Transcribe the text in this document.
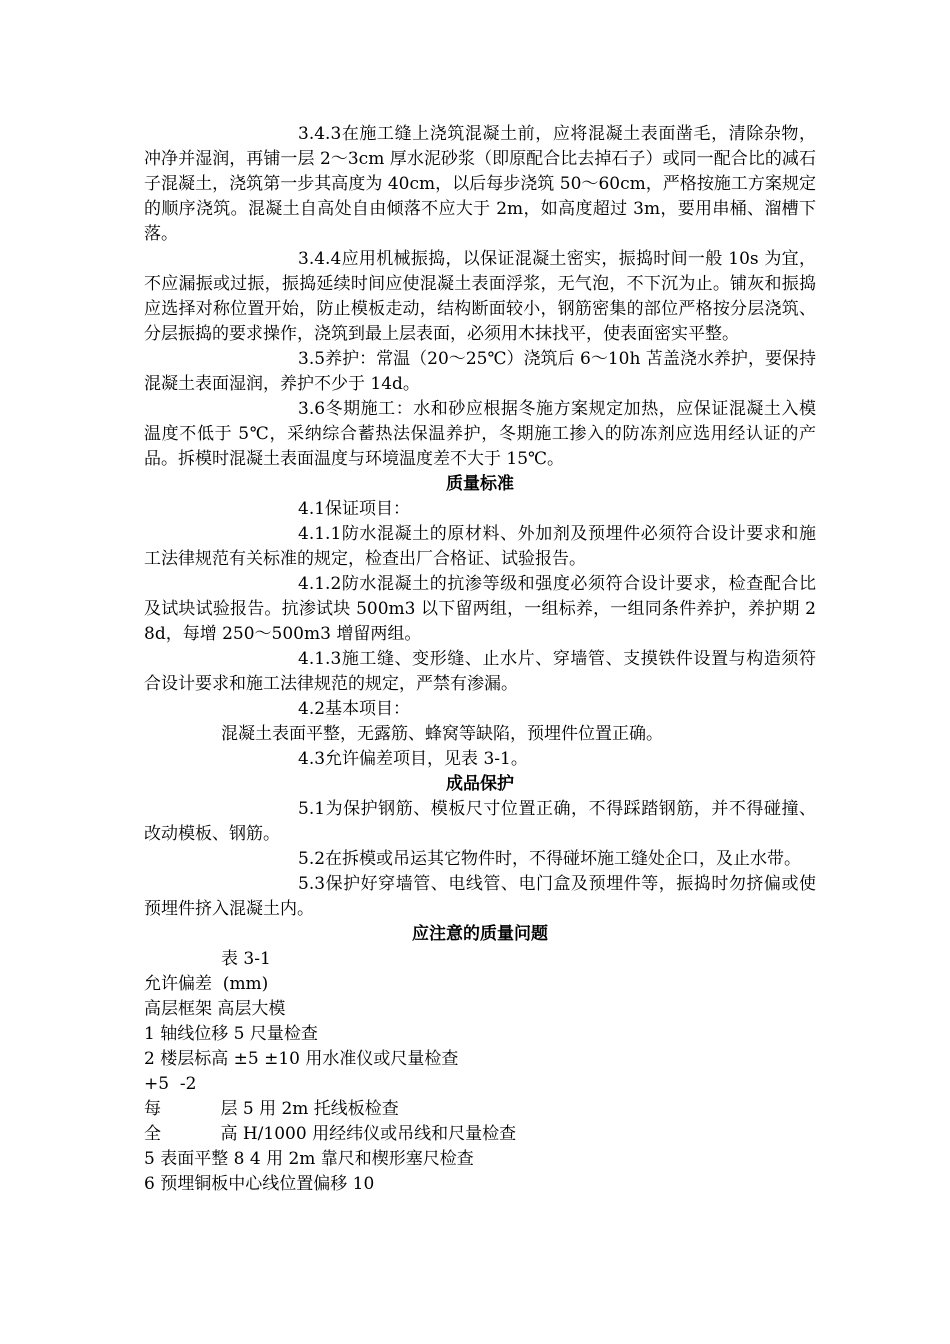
3.4.3在施工缝上浇筑混凝土前，应将混凝土表面凿毛，清除杂物，冲净并湿润，再铺一层 2～3cm 厚水泥砂浆（即原配合比去掉石子）或同一配合比的减石子混凝土，浇筑第一步其高度为 40cm，以后每步浇筑 50～60cm，严格按施工方案规定的顺序浇筑。混凝土自高处自由倾落不应大于 2m，如高度超过 3m，要用串桶、溜槽下落。

3.4.4应用机械振捣，以保证混凝土密实，振捣时间一般 10s 为宜，不应漏振或过振，振捣延续时间应使混凝土表面浮浆，无气泡，不下沉为止。铺灰和振捣应选择对称位置开始，防止模板走动，结构断面较小，钢筋密集的部位严格按分层浇筑、分层振捣的要求操作，浇筑到最上层表面，必须用木抹找平，使表面密实平整。

3.5养护：常温（20～25℃）浇筑后 6～10h 苫盖浇水养护，要保持混凝土表面湿润，养护不少于 14d。

3.6冬期施工：水和砂应根据冬施方案规定加热，应保证混凝土入模温度不低于 5℃，采纳综合蓄热法保温养护，冬期施工掺入的防冻剂应选用经认证的产品。拆模时混凝土表面温度与环境温度差不大于 15℃。

质量标准

4.1保证项目：

4.1.1防水混凝土的原材料、外加剂及预埋件必须符合设计要求和施工法律规范有关标准的规定，检查出厂合格证、试验报告。

4.1.2防水混凝土的抗渗等级和强度必须符合设计要求，检查配合比及试块试验报告。抗渗试块 500m3 以下留两组，一组标养，一组同条件养护，养护期 28d，每增 250～500m3 增留两组。

4.1.3施工缝、变形缝、止水片、穿墙管、支摸铁件设置与构造须符合设计要求和施工法律规范的规定，严禁有渗漏。

4.2基本项目：

混凝土表面平整，无露筋、蜂窝等缺陷，预埋件位置正确。

4.3允许偏差项目，见表 3-1。

成品保护

5.1为保护钢筋、模板尺寸位置正确，不得踩踏钢筋，并不得碰撞、改动模板、钢筋。

5.2在拆模或吊运其它物件时，不得碰坏施工缝处企口，及止水带。

5.3保护好穿墙管、电线管、电门盒及预埋件等，振捣时勿挤偏或使预埋件挤入混凝土内。

应注意的质量问题

表 3-1

允许偏差  (mm)

高层框架 高层大模

1 轴线位移 5 尺量检查

2 楼层标高 ±5 ±10 用水准仪或尺量检查

+5  -2

每           层 5 用 2m 托线板检查

全           高 H/1000 用经纬仪或吊线和尺量检查

5 表面平整 8 4 用 2m 靠尺和楔形塞尺检查

6 预埋铜板中心线位置偏移 10
